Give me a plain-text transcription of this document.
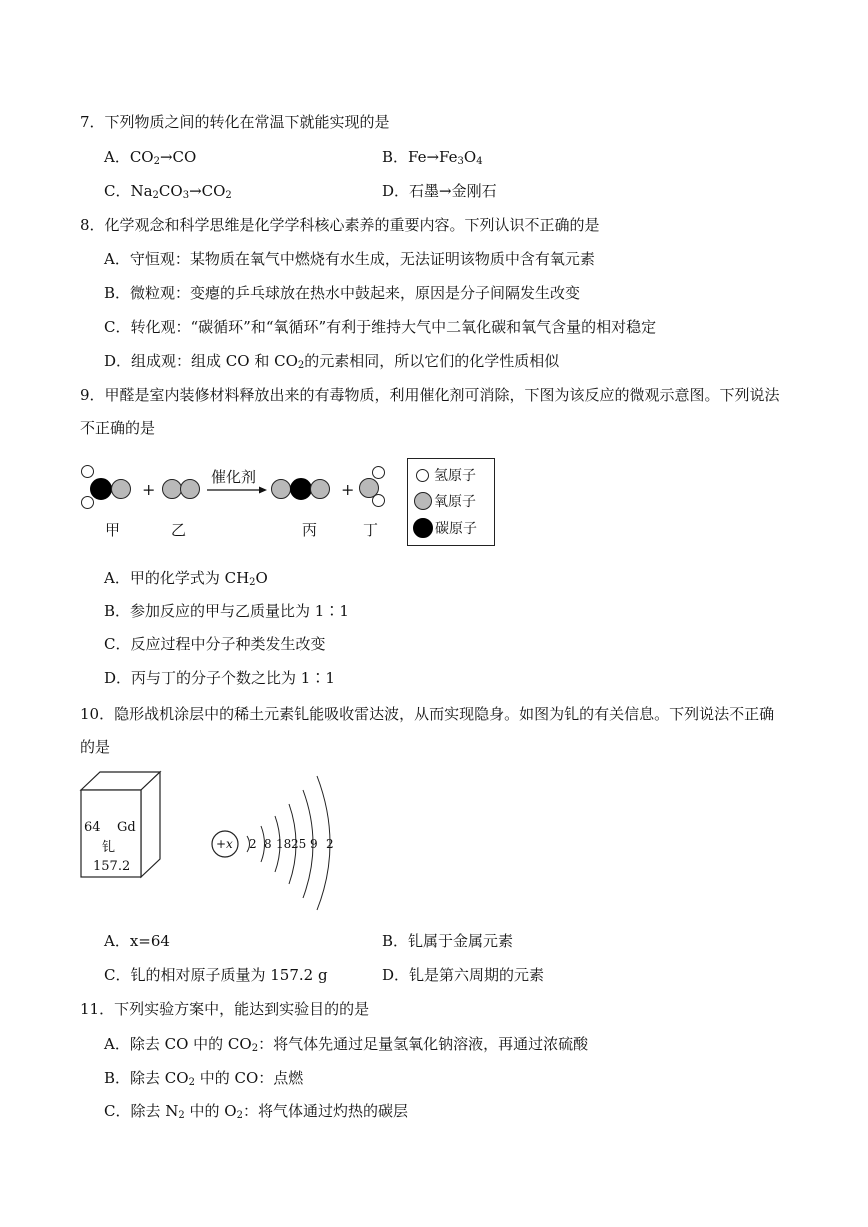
7．下列物质之间的转化在常温下就能实现的是
A．$CO_2\to CO$	B．$Fe\to Fe_3O_4$
C．$Na_2CO_3\to CO_2$	D．石墨→金刚石
8．化学观念和科学思维是化学学科核心素养的重要内容。下列认识不正确的是
A．守恒观：某物质在氧气中燃烧有水生成，无法证明该物质中含有氧元素
B．微粒观：变瘪的乒乓球放在热水中鼓起来，原因是分子间隔发生改变
C．转化观：“碳循环”和“氧循环”有利于维持大气中二氧化碳和氧气含量的相对稳定
D．组成观：组成 CO 和 $CO_2$的元素相同，所以它们的化学性质相似
9．甲醛是室内装修材料释放出来的有毒物质，利用催化剂可消除，下图为该反应的微观示意图。下列说法
不正确的是
+
催化剂
+
甲	乙	丙	丁
氢原子
氧原子
碳原子
A．甲的化学式为 $CH_2O$
B．参加反应的甲与乙质量比为 1∶1
C．反应过程中分子种类发生改变
D．丙与丁的分子个数之比为 1∶1
10．隐形战机涂层中的稀土元素钆能吸收雷达波，从而实现隐身。如图为钆的有关信息。下列说法不正确
的是
64 Gd
钆
157.2
+x 2 8 18 25 9 2
A．x=64	B．钆属于金属元素
C．钆的相对原子质量为 157.2 g	D．钆是第六周期的元素
11．下列实验方案中，能达到实验目的的是
A．除去 CO 中的 $CO_2$：将气体先通过足量氢氧化钠溶液，再通过浓硫酸
B．除去 $CO_2$ 中的 CO：点燃
C．除去 $N_2$ 中的 $O_2$：将气体通过灼热的碳层
